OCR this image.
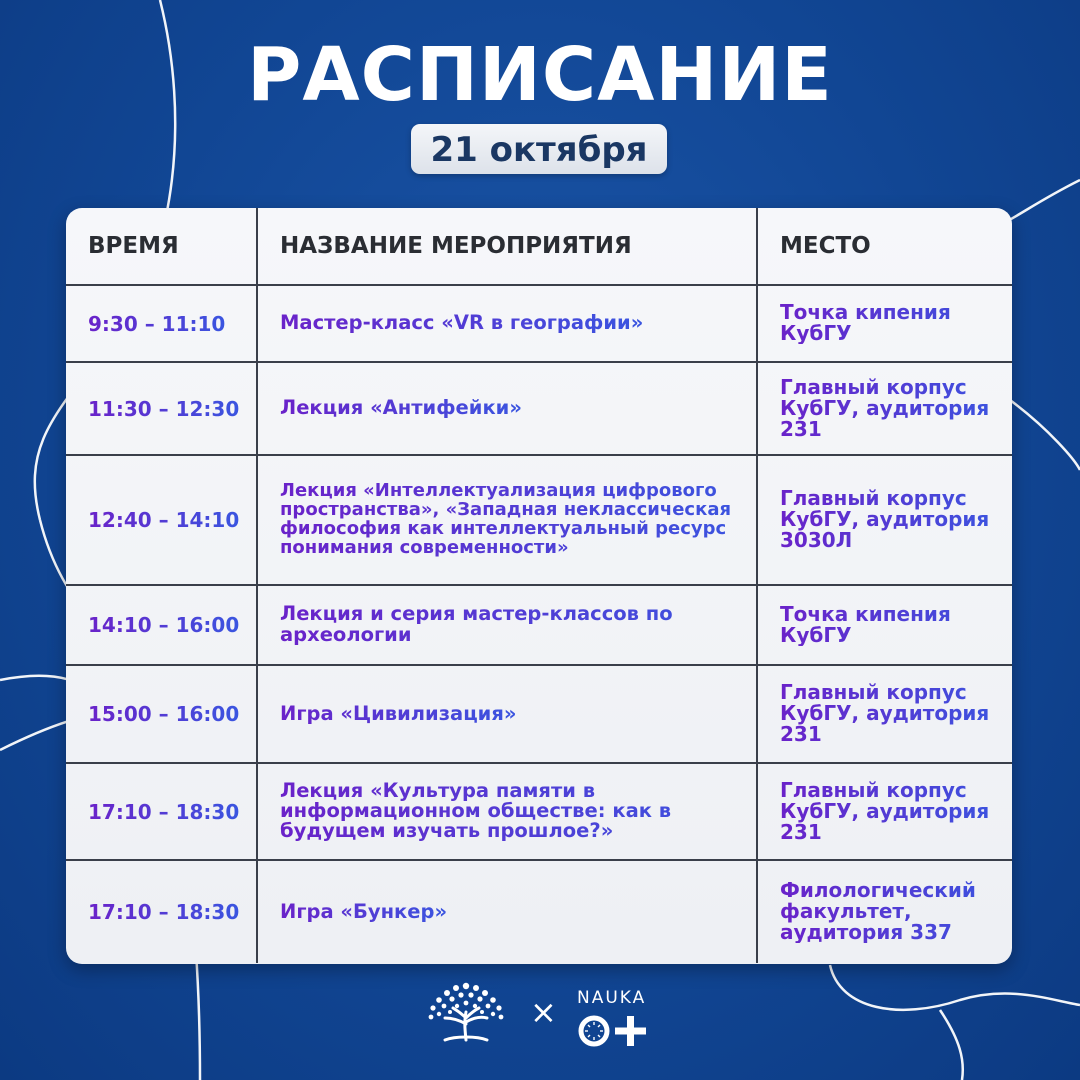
РАСПИСАНИЕ
21 октября
ВРЕМЯ	НАЗВАНИЕ МЕРОПРИЯТИЯ	МЕСТО
9:30 – 11:10	Мастер-класс «VR в географии»	Точка кипения КубГУ
11:30 – 12:30	Лекция «Антифейки»	Главный корпус КубГУ, аудитория 231
12:40 – 14:10	Лекция «Интеллектуализация цифрового пространства», «Западная неклассическая философия как интеллектуальный ресурс понимания современности»	Главный корпус КубГУ, аудитория 3030Л
14:10 – 16:00	Лекция и серия мастер-классов по археологии	Точка кипения КубГУ
15:00 – 16:00	Игра «Цивилизация»	Главный корпус КубГУ, аудитория 231
17:10 – 18:30	Лекция «Культура памяти в информационном обществе: как в будущем изучать прошлое?»	Главный корпус КубГУ, аудитория 231
17:10 – 18:30	Игра «Бункер»	Филологический факультет, аудитория 337
× NAUKA
